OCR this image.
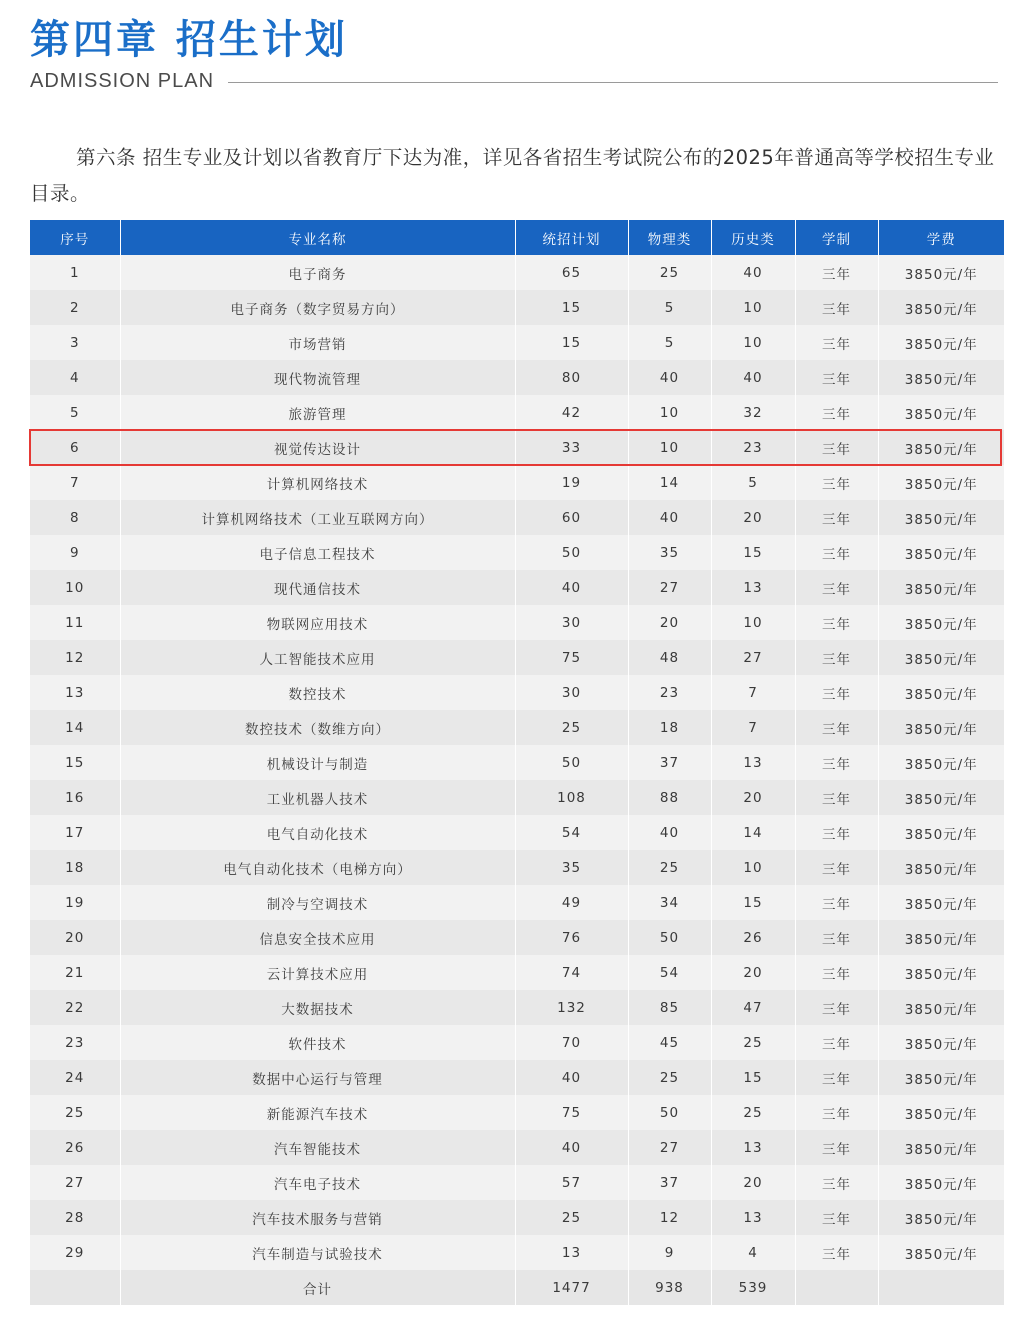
第四章 招生计划
ADMISSION PLAN

第六条 招生专业及计划以省教育厅下达为准，详见各省招生考试院公布的2025年普通高等学校招生专业目录。

序号	专业名称	统招计划	物理类	历史类	学制	学费
1	电子商务	65	25	40	三年	3850元/年
2	电子商务（数字贸易方向）	15	5	10	三年	3850元/年
3	市场营销	15	5	10	三年	3850元/年
4	现代物流管理	80	40	40	三年	3850元/年
5	旅游管理	42	10	32	三年	3850元/年
6	视觉传达设计	33	10	23	三年	3850元/年
7	计算机网络技术	19	14	5	三年	3850元/年
8	计算机网络技术（工业互联网方向）	60	40	20	三年	3850元/年
9	电子信息工程技术	50	35	15	三年	3850元/年
10	现代通信技术	40	27	13	三年	3850元/年
11	物联网应用技术	30	20	10	三年	3850元/年
12	人工智能技术应用	75	48	27	三年	3850元/年
13	数控技术	30	23	7	三年	3850元/年
14	数控技术（数维方向）	25	18	7	三年	3850元/年
15	机械设计与制造	50	37	13	三年	3850元/年
16	工业机器人技术	108	88	20	三年	3850元/年
17	电气自动化技术	54	40	14	三年	3850元/年
18	电气自动化技术（电梯方向）	35	25	10	三年	3850元/年
19	制冷与空调技术	49	34	15	三年	3850元/年
20	信息安全技术应用	76	50	26	三年	3850元/年
21	云计算技术应用	74	54	20	三年	3850元/年
22	大数据技术	132	85	47	三年	3850元/年
23	软件技术	70	45	25	三年	3850元/年
24	数据中心运行与管理	40	25	15	三年	3850元/年
25	新能源汽车技术	75	50	25	三年	3850元/年
26	汽车智能技术	40	27	13	三年	3850元/年
27	汽车电子技术	57	37	20	三年	3850元/年
28	汽车技术服务与营销	25	12	13	三年	3850元/年
29	汽车制造与试验技术	13	9	4	三年	3850元/年
	合计	1477	938	539		
